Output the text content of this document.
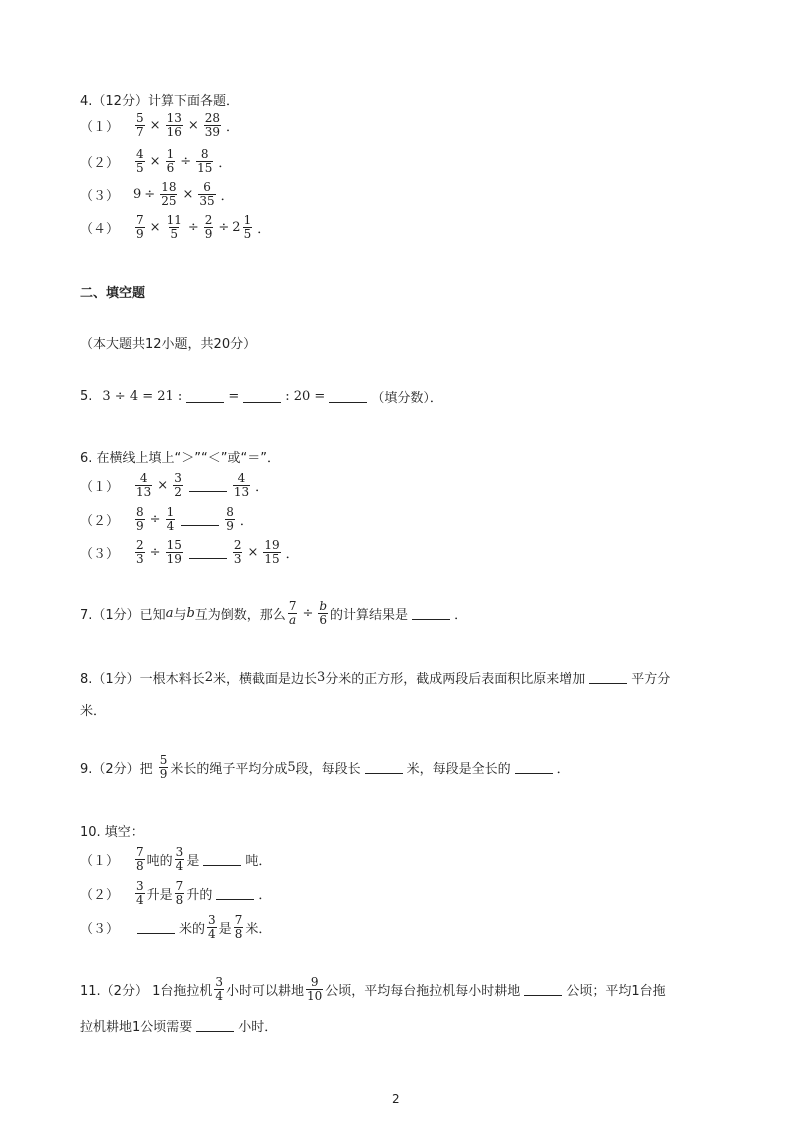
4.（12分）计算下面各题．
$(1) \frac{5}{7} \times \frac{13}{16} \times \frac{28}{39}$ ．
$(2) \frac{4}{5} \times \frac{1}{6} \div \frac{8}{15}$ ．
（３） $9 \div \frac{18}{25} \times \frac{6}{35}$ ．
$(4) \frac{7}{9} \times \frac{11}{5} \div \frac{2}{9} \div 2 \frac{1}{5}$ ．
二、填空题
（本大题共12小题，共20分）
5. 3 ÷ 4 = 21 :	=	: 20 =	（填分数）．
6. 在横线上填上“＞”“＜”或“＝”．
$(1) \frac{4}{13} \times \frac{3}{2}$	$\frac{4}{13}$ ．
$(2) \frac{8}{9} \div \frac{1}{4}$	$\frac{8}{9}$ ．
$(3) \frac{2}{3} \div \frac{15}{19}$	$\frac{2}{3} \times \frac{19}{15}$ ．
7.（1分）已知 a 与 b 互为倒数，那么 $\frac{7}{a} \div \frac{b}{6}$ 的计算结果是	．
8.（1分）一根木料长 2 米，横截面是边长 3 分米的正方形，截成两段后表面积比原来增加	平方分
米．
9.（2分）把 $\frac{5}{9}$ 米长的绳子平均分成 5 段，每段长	米，每段是全长的	．
10. 填空：
$(1) \frac{7}{8}$ 吨的 $\frac{3}{4}$ 是	吨．
$(2) \frac{3}{4}$ 升是 $\frac{7}{8}$ 升的	．
（３）	米的 $\frac{3}{4}$ 是 $\frac{7}{8}$ 米．
11.（2分） 1台拖拉机 $\frac{3}{4}$ 小时可以耕地 $\frac{9}{10}$ 公顷，平均每台拖拉机每小时耕地	公顷；平均1台拖
拉机耕地1公顷需要	小时．
2
